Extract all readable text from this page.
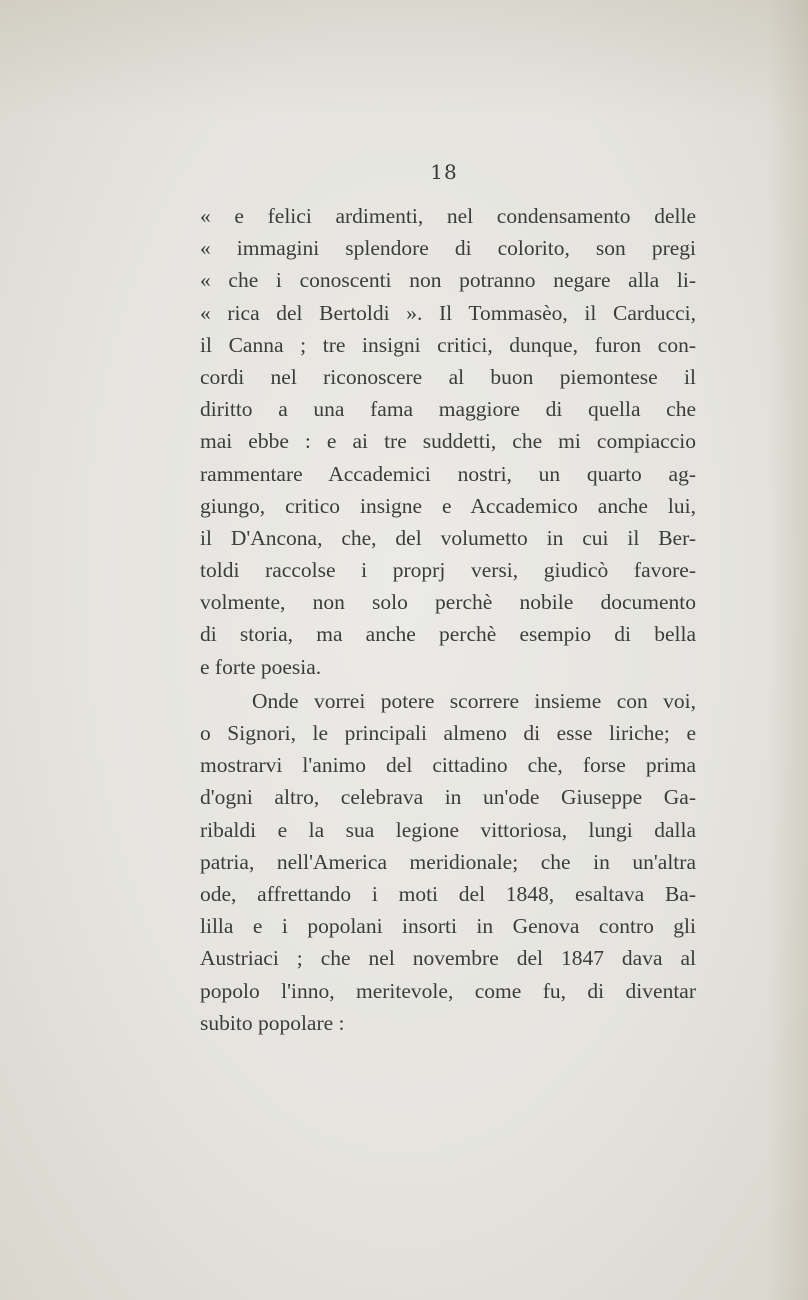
18
« e felici ardimenti, nel condensamento delle
« immagini splendore di colorito, son pregi
« che i conoscenti non potranno negare alla li-
« rica del Bertoldi ». Il Tommasèo, il Carducci,
il Canna ; tre insigni critici, dunque, furon con-
cordi nel riconoscere al buon piemontese il
diritto a una fama maggiore di quella che
mai ebbe : e ai tre suddetti, che mi compiaccio
rammentare Accademici nostri, un quarto ag-
giungo, critico insigne e Accademico anche lui,
il D'Ancona, che, del volumetto in cui il Ber-
toldi raccolse i proprj versi, giudicò favore-
volmente, non solo perchè nobile documento
di storia, ma anche perchè esempio di bella
e forte poesia.
Onde vorrei potere scorrere insieme con voi,
o Signori, le principali almeno di esse liriche; e
mostrarvi l'animo del cittadino che, forse prima
d'ogni altro, celebrava in un'ode Giuseppe Ga-
ribaldi e la sua legione vittoriosa, lungi dalla
patria, nell'America meridionale; che in un'altra
ode, affrettando i moti del 1848, esaltava Ba-
lilla e i popolani insorti in Genova contro gli
Austriaci ; che nel novembre del 1847 dava al
popolo l'inno, meritevole, come fu, di diventar
subito popolare :
